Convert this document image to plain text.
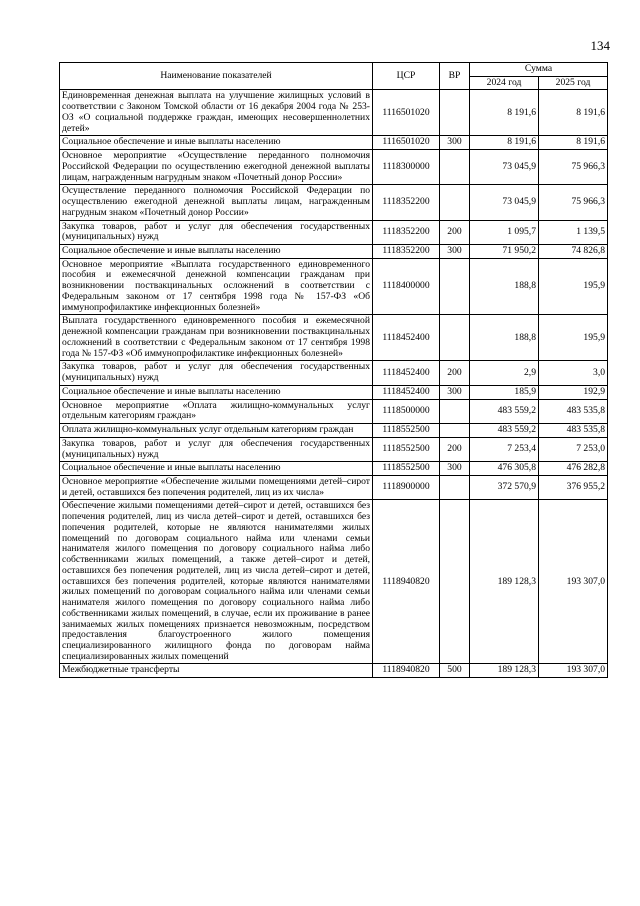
134
Наименование показателей	ЦСР	ВР	Сумма	
			2024 год	2025 год
Единовременная денежная выплата на улучшение жилищных условий в соответствии с Законом Томской области от 16 декабря 2004 года № 253-ОЗ «О социальной поддержке граждан, имеющих несовершеннолетних детей»	1116501020		8 191,6	8 191,6
Социальное обеспечение и иные выплаты населению	1116501020	300	8 191,6	8 191,6
Основное мероприятие «Осуществление переданного полномочия Российской Федерации по осуществлению ежегодной денежной выплаты лицам, награжденным нагрудным знаком «Почетный донор России»	1118300000		73 045,9	75 966,3
Осуществление переданного полномочия Российской Федерации по осуществлению ежегодной денежной выплаты лицам, награжденным нагрудным знаком «Почетный донор России»	1118352200		73 045,9	75 966,3
Закупка товаров, работ и услуг для обеспечения государственных (муниципальных) нужд	1118352200	200	1 095,7	1 139,5
Социальное обеспечение и иные выплаты населению	1118352200	300	71 950,2	74 826,8
Основное мероприятие «Выплата государственного единовременного пособия и ежемесячной денежной компенсации гражданам при возникновении поствакцинальных осложнений в соответствии с Федеральным законом от 17 сентября 1998 года № 157-ФЗ «Об иммунопрофилактике инфекционных болезней»	1118400000		188,8	195,9
Выплата государственного единовременного пособия и ежемесячной денежной компенсации гражданам при возникновении поствакцинальных осложнений в соответствии с Федеральным законом от 17 сентября 1998 года № 157-ФЗ «Об иммунопрофилактике инфекционных болезней»	1118452400		188,8	195,9
Закупка товаров, работ и услуг для обеспечения государственных (муниципальных) нужд	1118452400	200	2,9	3,0
Социальное обеспечение и иные выплаты населению	1118452400	300	185,9	192,9
Основное мероприятие «Оплата жилищно-коммунальных услуг отдельным категориям граждан»	1118500000		483 559,2	483 535,8
Оплата жилищно-коммунальных услуг отдельным категориям граждан	1118552500		483 559,2	483 535,8
Закупка товаров, работ и услуг для обеспечения государственных (муниципальных) нужд	1118552500	200	7 253,4	7 253,0
Социальное обеспечение и иные выплаты населению	1118552500	300	476 305,8	476 282,8
Основное мероприятие «Обеспечение жилыми помещениями детей–сирот и детей, оставшихся без попечения родителей, лиц из их числа»	1118900000		372 570,9	376 955,2
Обеспечение жилыми помещениями детей–сирот и детей, оставшихся без попечения родителей, лиц из числа детей–сирот и детей, оставшихся без попечения родителей, которые не являются нанимателями жилых помещений по договорам социального найма или членами семьи нанимателя жилого помещения по договору социального найма либо собственниками жилых помещений, а также детей–сирот и детей, оставшихся без попечения родителей, лиц из числа детей–сирот и детей, оставшихся без попечения родителей, которые являются нанимателями жилых помещений по договорам социального найма или членами семьи нанимателя жилого помещения по договору социального найма либо собственниками жилых помещений, в случае, если их проживание в ранее занимаемых жилых помещениях признается невозможным, посредством предоставления благоустроенного жилого помещения специализированного жилищного фонда по договорам найма специализированных жилых помещений	1118940820		189 128,3	193 307,0
Межбюджетные трансферты	1118940820	500	189 128,3	193 307,0
